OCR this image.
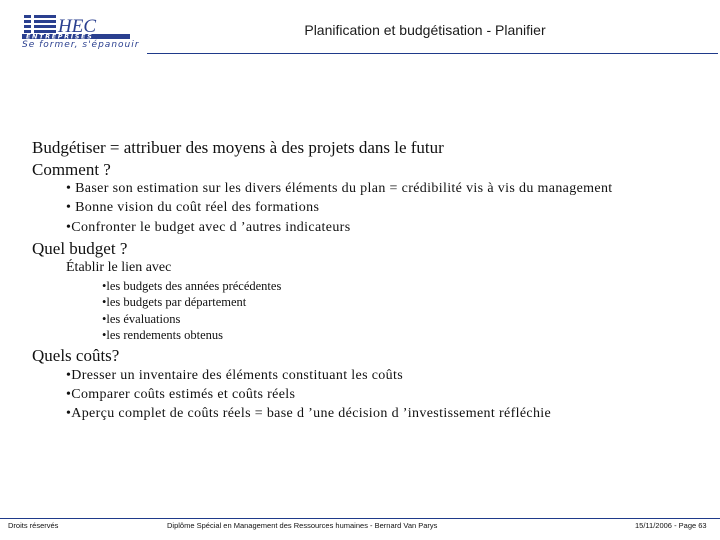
HEC
ENTREPRISES
Se former, s'épanouir
Planification et budgétisation - Planifier
Budgétiser = attribuer des moyens à des projets dans le futur
Comment ?
• Baser son estimation sur les divers éléments du plan = crédibilité vis à vis du management
• Bonne vision du coût réel des formations
•Confronter le budget avec d ’autres indicateurs
Quel budget ?
Établir le lien avec
•les budgets des années précédentes
•les budgets par département
•les évaluations
•les rendements obtenus
Quels coûts?
•Dresser un inventaire des éléments constituant les coûts
•Comparer coûts estimés et coûts réels
•Aperçu complet de coûts réels = base d ’une décision d ’investissement réfléchie
Droits réservés	Diplôme Spécial en Management des Ressources humaines - Bernard Van Parys	15/11/2006 - Page 63
